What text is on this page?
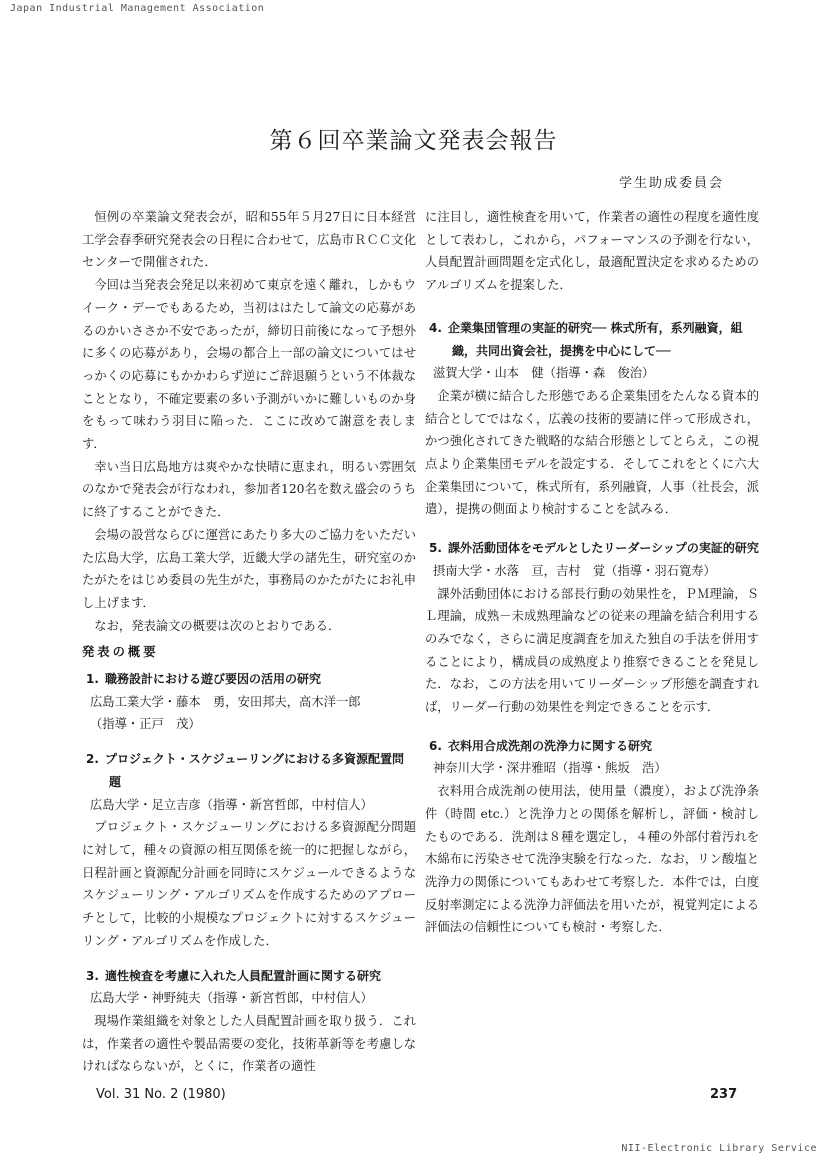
Japan Industrial Management Association
第６回卒業論文発表会報告
学生助成委員会

恒例の卒業論文発表会が，昭和55年５月27日に日本経営工学会春季研究発表会の日程に合わせて，広島市ＲＣＣ文化センターで開催された．

今回は当発表会発足以来初めて東京を遠く離れ，しかもウイーク・デーでもあるため，当初ははたして論文の応募があるのかいささか不安であったが，締切日前後になって予想外に多くの応募があり，会場の都合上一部の論文についてはせっかくの応募にもかかわらず逆にご辞退願うという不体裁なこととなり，不確定要素の多い予測がいかに難しいものか身をもって味わう羽目に陥った．ここに改めて謝意を表します．

幸い当日広島地方は爽やかな快晴に恵まれ，明るい雰囲気のなかで発表会が行なわれ，参加者120名を数え盛会のうちに終了することができた．

会場の設営ならびに運営にあたり多大のご協力をいただいた広島大学，広島工業大学，近畿大学の諸先生，研究室のかたがたをはじめ委員の先生がた，事務局のかたがたにお礼申し上げます．

なお，発表論文の概要は次のとおりである．

発表の概要

1. 職務設計における遊び要因の活用の研究

広島工業大学・藤本　勇，安田邦夫，高木洋一郎

（指導・正戸　茂）

2. プロジェクト・スケジューリングにおける多資源配置問題

広島大学・足立吉彦（指導・新宮哲郎，中村信人）

プロジェクト・スケジューリングにおける多資源配分問題に対して，種々の資源の相互関係を統一的に把握しながら，日程計画と資源配分計画を同時にスケジュールできるようなスケジューリング・アルゴリズムを作成するためのアプローチとして，比較的小規模なプロジェクトに対するスケジューリング・アルゴリズムを作成した．

3. 適性検査を考慮に入れた人員配置計画に関する研究

広島大学・神野純夫（指導・新宮哲郎，中村信人）

現場作業組織を対象とした人員配置計画を取り扱う．これは，作業者の適性や製品需要の変化，技術革新等を考慮しなければならないが，とくに，作業者の適性

に注目し，適性検査を用いて，作業者の適性の程度を適性度として表わし，これから，パフォーマンスの予測を行ない，人員配置計画問題を定式化し，最適配置決定を求めるためのアルゴリズムを提案した．

4. 企業集団管理の実証的研究── 株式所有，系列融資，組織，共同出資会社，提携を中心にして──

滋賀大学・山本　健（指導・森　俊治）

企業が横に結合した形態である企業集団をたんなる資本的結合としてではなく，広義の技術的要請に伴って形成され，かつ強化されてきた戦略的な結合形態としてとらえ，この視点より企業集団モデルを設定する．そしてこれをとくに六大企業集団について，株式所有，系列融資，人事（社長会，派遣），提携の側面より検討することを試みる．

5. 課外活動団体をモデルとしたリーダーシップの実証的研究

摂南大学・水落　亘，吉村　覚（指導・羽石寛寿）

課外活動団体における部長行動の効果性を，ＰＭ理論，ＳＬ理論，成熟－未成熟理論などの従来の理論を結合利用するのみでなく，さらに満足度調査を加えた独自の手法を併用することにより，構成員の成熟度より推察できることを発見した．なお，この方法を用いてリーダーシップ形態を調査すれば，リーダー行動の効果性を判定できることを示す．

6. 衣料用合成洗剤の洗浄力に関する研究

神奈川大学・深井雅昭（指導・熊坂　浩）

衣料用合成洗剤の使用法，使用量（濃度），および洗浄条件（時間 etc.）と洗浄力との関係を解析し，評価・検討したものである．洗剤は８種を選定し，４種の外部付着汚れを木綿布に汚染させて洗浄実験を行なった．なお，リン酸塩と洗浄力の関係についてもあわせて考察した．本件では，白度反射率測定による洗浄力評価法を用いたが，視覚判定による評価法の信頼性についても検討・考察した．

Vol. 31 No. 2 (1980)	237
NII-Electronic Library Service
